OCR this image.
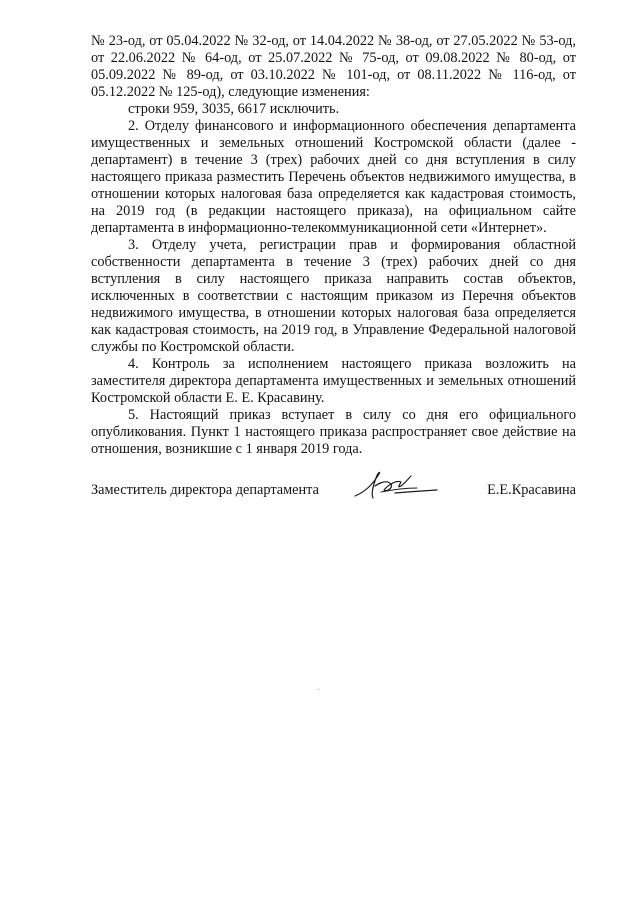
№ 23-од, от 05.04.2022 № 32-од, от 14.04.2022 № 38-од, от 27.05.2022 № 53-од, от 22.06.2022 № 64-од, от 25.07.2022 № 75-од, от 09.08.2022 № 80-од, от 05.09.2022 № 89-од, от 03.10.2022 № 101-од, от 08.11.2022 № 116-од, от 05.12.2022 № 125-од), следующие изменения:

строки 959, 3035, 6617 исключить.

2. Отделу финансового и информационного обеспечения департамента имущественных и земельных отношений Костромской области (далее - департамент) в течение 3 (трех) рабочих дней со дня вступления в силу настоящего приказа разместить Перечень объектов недвижимого имущества, в отношении которых налоговая база определяется как кадастровая стоимость, на 2019 год (в редакции настоящего приказа), на официальном сайте департамента в информационно-телекоммуникационной сети «Интернет».

3. Отделу учета, регистрации прав и формирования областной собственности департамента в течение 3 (трех) рабочих дней со дня вступления в силу настоящего приказа направить состав объектов, исключенных в соответствии с настоящим приказом из Перечня объектов недвижимого имущества, в отношении которых налоговая база определяется как кадастровая стоимость, на 2019 год, в Управление Федеральной налоговой службы по Костромской области.

4. Контроль за исполнением настоящего приказа возложить на заместителя директора департамента имущественных и земельных отношений Костромской области Е. Е. Красавину.

5. Настоящий приказ вступает в силу со дня его официального опубликования. Пункт 1 настоящего приказа распространяет свое действие на отношения, возникшие с 1 января 2019 года.

Заместитель директора департамента	Е.Е.Красавина
